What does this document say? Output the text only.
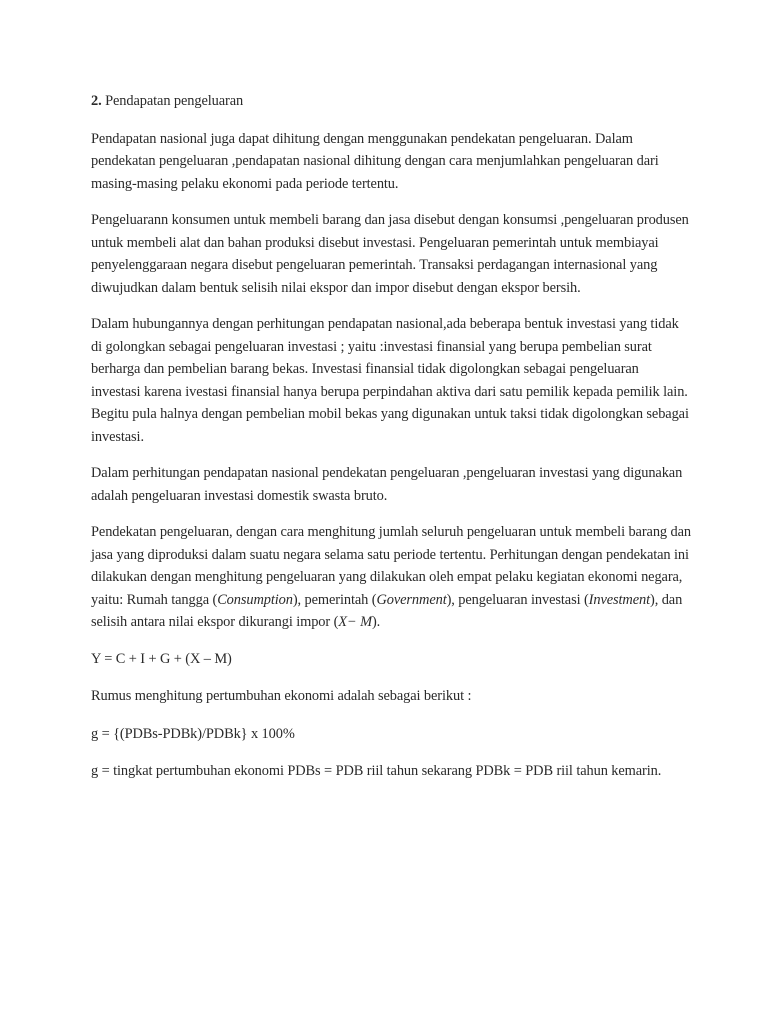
2. Pendapatan pengeluaran

Pendapatan nasional juga dapat dihitung dengan menggunakan pendekatan pengeluaran. Dalam pendekatan pengeluaran ,pendapatan nasional dihitung dengan cara menjumlahkan pengeluaran dari masing-masing pelaku ekonomi pada periode tertentu.

Pengeluarann konsumen untuk membeli barang dan jasa disebut dengan konsumsi ,pengeluaran produsen untuk membeli alat dan bahan produksi disebut investasi. Pengeluaran pemerintah untuk membiayai penyelenggaraan negara disebut pengeluaran pemerintah. Transaksi perdagangan internasional yang diwujudkan dalam bentuk selisih nilai ekspor dan impor disebut dengan ekspor bersih.

Dalam hubungannya dengan perhitungan pendapatan nasional,ada beberapa bentuk investasi yang tidak di golongkan sebagai pengeluaran investasi ; yaitu :investasi finansial yang berupa pembelian surat berharga dan pembelian barang bekas. Investasi finansial tidak digolongkan sebagai pengeluaran investasi karena ivestasi finansial hanya berupa perpindahan aktiva dari satu pemilik kepada pemilik lain. Begitu pula halnya dengan pembelian mobil bekas yang digunakan untuk taksi tidak digolongkan sebagai investasi.

Dalam perhitungan pendapatan nasional pendekatan pengeluaran ,pengeluaran investasi yang digunakan adalah pengeluaran investasi domestik swasta bruto.

Pendekatan pengeluaran, dengan cara menghitung jumlah seluruh pengeluaran untuk membeli barang dan jasa yang diproduksi dalam suatu negara selama satu periode tertentu. Perhitungan dengan pendekatan ini dilakukan dengan menghitung pengeluaran yang dilakukan oleh empat pelaku kegiatan ekonomi negara, yaitu: Rumah tangga (Consumption), pemerintah (Government), pengeluaran investasi (Investment), dan selisih antara nilai ekspor dikurangi impor (X− M).

Y = C + I + G + (X – M)

Rumus menghitung pertumbuhan ekonomi adalah sebagai berikut :

g = {(PDBs-PDBk)/PDBk} x 100%

g = tingkat pertumbuhan ekonomi PDBs = PDB riil tahun sekarang PDBk = PDB riil tahun kemarin.
